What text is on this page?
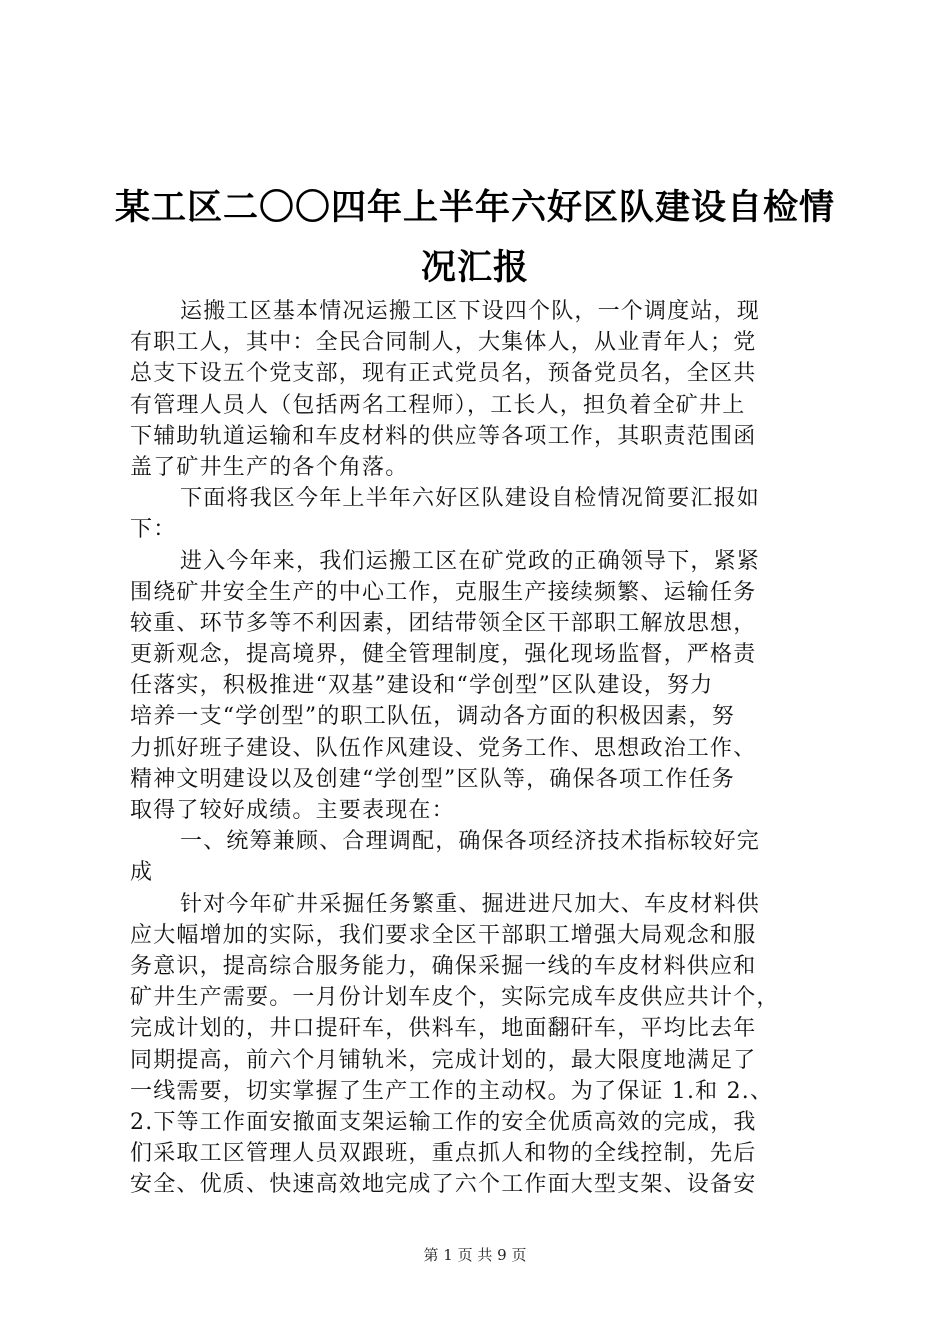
某工区二〇〇四年上半年六好区队建设自检情
况汇报
运搬工区基本情况运搬工区下设四个队，一个调度站，现
有职工人，其中：全民合同制人，大集体人，从业青年人；党
总支下设五个党支部，现有正式党员名，预备党员名，全区共
有管理人员人（包括两名工程师），工长人，担负着全矿井上
下辅助轨道运输和车皮材料的供应等各项工作，其职责范围函
盖了矿井生产的各个角落。
下面将我区今年上半年六好区队建设自检情况简要汇报如
下：
进入今年来，我们运搬工区在矿党政的正确领导下，紧紧
围绕矿井安全生产的中心工作，克服生产接续频繁、运输任务
较重、环节多等不利因素，团结带领全区干部职工解放思想，
更新观念，提高境界，健全管理制度，强化现场监督，严格责
任落实，积极推进“双基”建设和“学创型”区队建设，努力
培养一支“学创型”的职工队伍，调动各方面的积极因素，努
力抓好班子建设、队伍作风建设、党务工作、思想政治工作、
精神文明建设以及创建“学创型”区队等，确保各项工作任务
取得了较好成绩。主要表现在：
一、统筹兼顾、合理调配，确保各项经济技术指标较好完
成
针对今年矿井采掘任务繁重、掘进进尺加大、车皮材料供
应大幅增加的实际，我们要求全区干部职工增强大局观念和服
务意识，提高综合服务能力，确保采掘一线的车皮材料供应和
矿井生产需要。一月份计划车皮个，实际完成车皮供应共计个，
完成计划的，井口提矸车，供料车，地面翻矸车，平均比去年
同期提高，前六个月铺轨米，完成计划的，最大限度地满足了
一线需要，切实掌握了生产工作的主动权。为了保证 1.和 2.、
2.下等工作面安撤面支架运输工作的安全优质高效的完成，我
们采取工区管理人员双跟班，重点抓人和物的全线控制，先后
安全、优质、快速高效地完成了六个工作面大型支架、设备安
第 1 页 共 9 页
